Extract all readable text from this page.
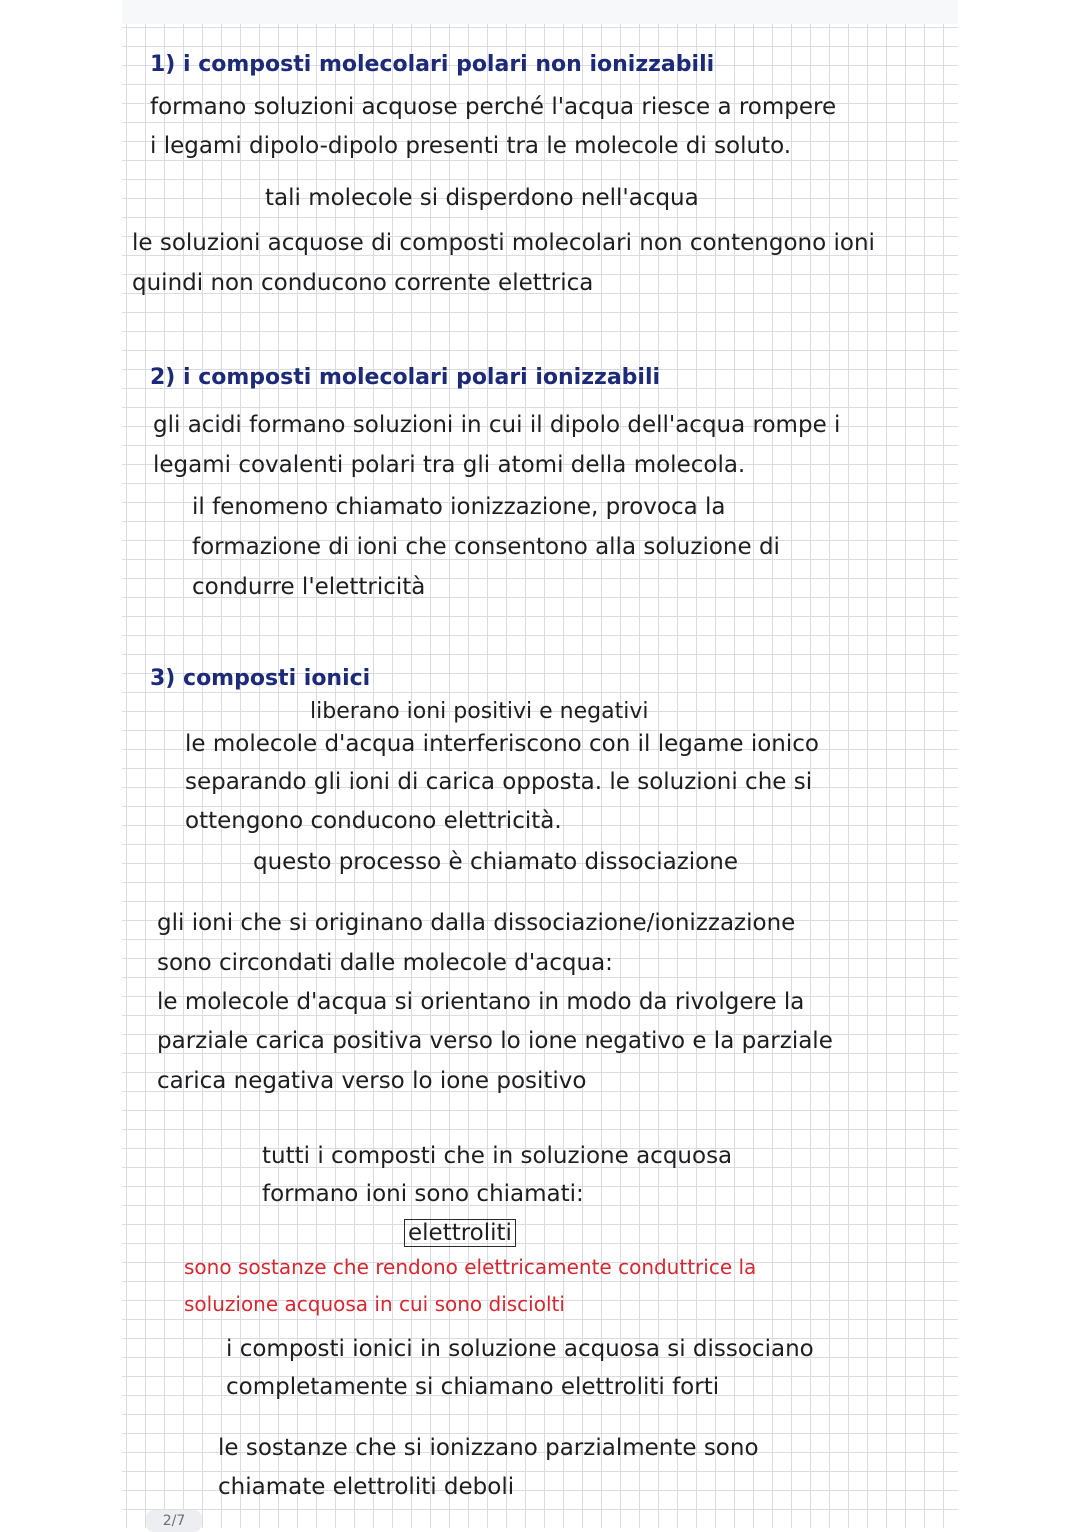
1) i composti molecolari polari non ionizzabili
formano soluzioni acquose perché l'acqua riesce a rompere
i legami dipolo-dipolo presenti tra le molecole di soluto.
tali molecole si disperdono nell'acqua
le soluzioni acquose di composti molecolari non contengono ioni
quindi non conducono corrente elettrica
2) i composti molecolari polari ionizzabili
gli acidi formano soluzioni in cui il dipolo dell'acqua rompe i
legami covalenti polari tra gli atomi della molecola.
il fenomeno chiamato ionizzazione, provoca la
formazione di ioni che consentono alla soluzione di
condurre l'elettricità
3) composti ionici
liberano ioni positivi e negativi
le molecole d'acqua interferiscono con il legame ionico
separando gli ioni di carica opposta. le soluzioni che si
ottengono conducono elettricità.
questo processo è chiamato dissociazione
gli ioni che si originano dalla dissociazione/ionizzazione
sono circondati dalle molecole d'acqua:
le molecole d'acqua si orientano in modo da rivolgere la
parziale carica positiva verso lo ione negativo e la parziale
carica negativa verso lo ione positivo
tutti i composti che in soluzione acquosa
formano ioni sono chiamati:
elettroliti
sono sostanze che rendono elettricamente conduttrice la
soluzione acquosa in cui sono disciolti
i composti ionici in soluzione acquosa si dissociano
completamente si chiamano elettroliti forti
le sostanze che si ionizzano parzialmente sono
chiamate elettroliti deboli
2/7
